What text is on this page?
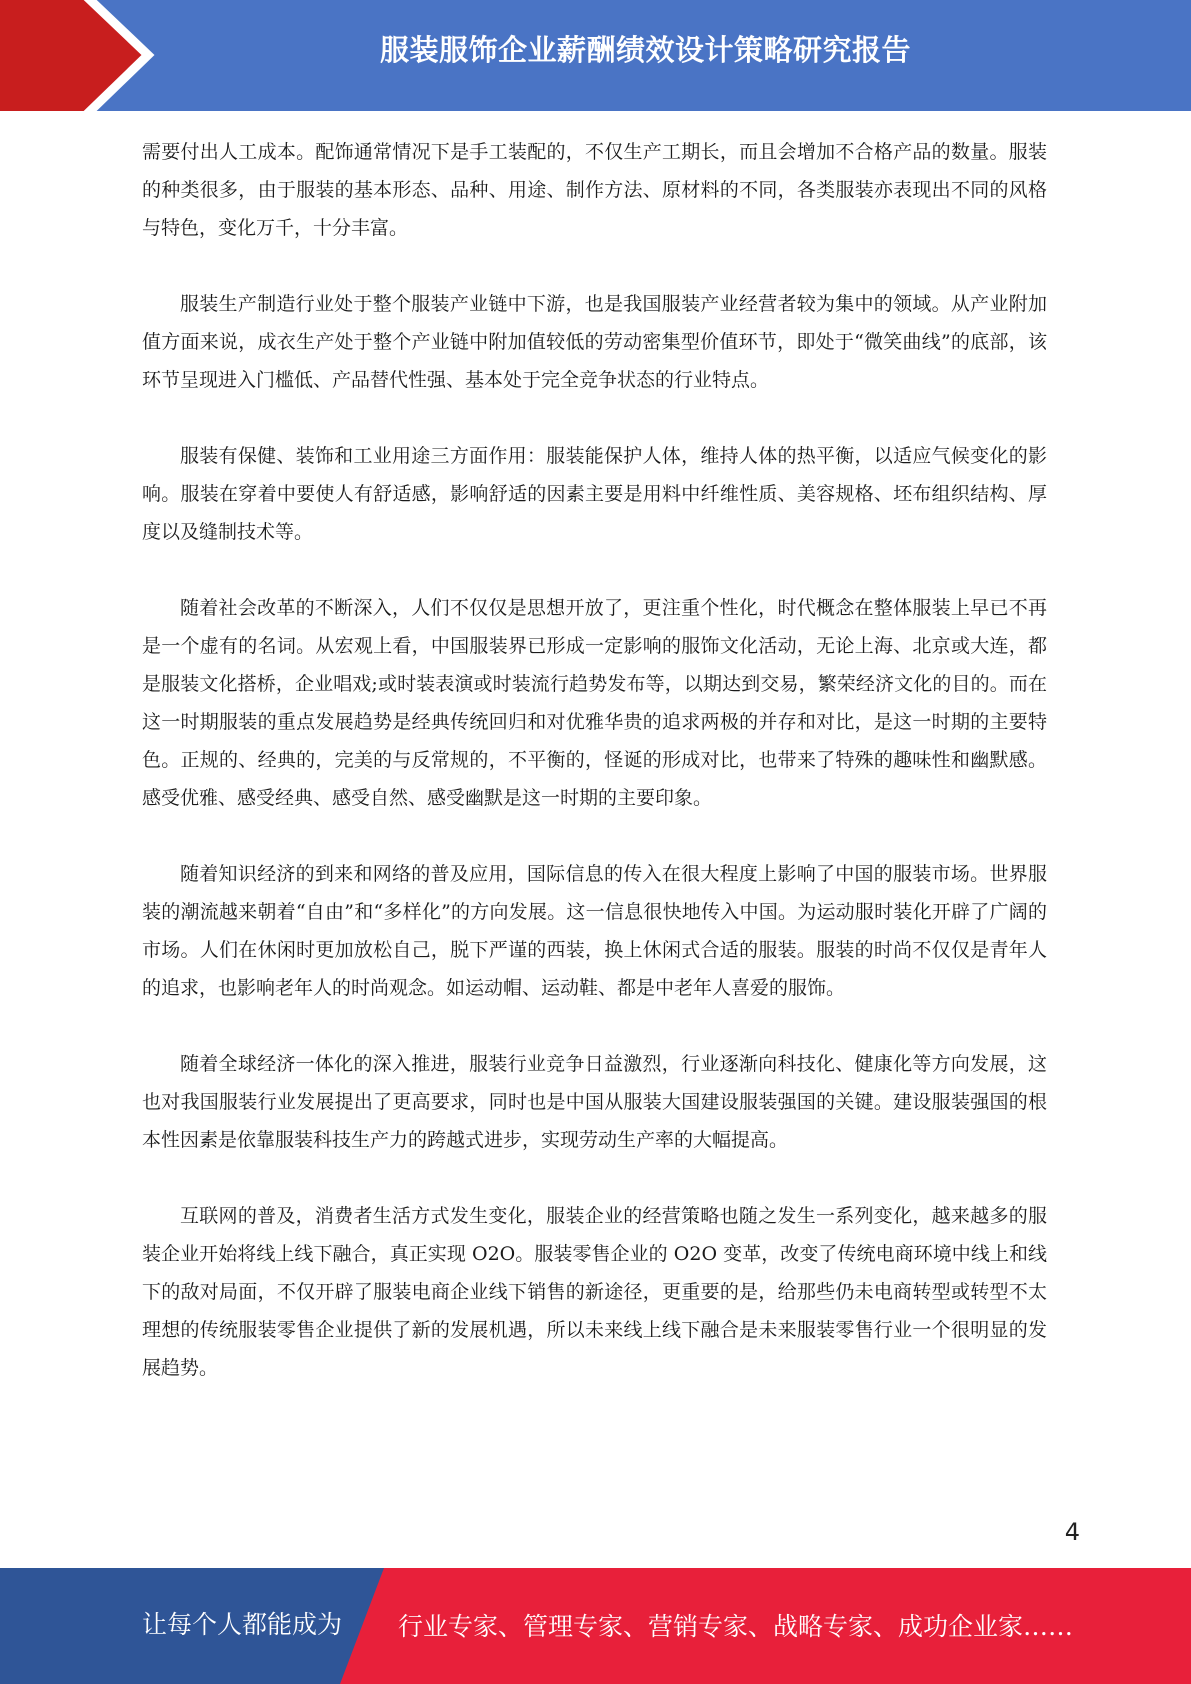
服装服饰企业薪酬绩效设计策略研究报告

需要付出人工成本。配饰通常情况下是手工装配的，不仅生产工期长，而且会增加不合格产品的数量。服装的种类很多，由于服装的基本形态、品种、用途、制作方法、原材料的不同，各类服装亦表现出不同的风格与特色，变化万千，十分丰富。

服装生产制造行业处于整个服装产业链中下游，也是我国服装产业经营者较为集中的领域。从产业附加值方面来说，成衣生产处于整个产业链中附加值较低的劳动密集型价值环节，即处于“微笑曲线”的底部，该环节呈现进入门槛低、产品替代性强、基本处于完全竞争状态的行业特点。

服装有保健、装饰和工业用途三方面作用：服装能保护人体，维持人体的热平衡，以适应气候变化的影响。服装在穿着中要使人有舒适感，影响舒适的因素主要是用料中纤维性质、美容规格、坯布组织结构、厚度以及缝制技术等。

随着社会改革的不断深入，人们不仅仅是思想开放了，更注重个性化，时代概念在整体服装上早已不再是一个虚有的名词。从宏观上看，中国服装界已形成一定影响的服饰文化活动，无论上海、北京或大连，都是服装文化搭桥，企业唱戏;或时装表演或时装流行趋势发布等，以期达到交易，繁荣经济文化的目的。而在这一时期服装的重点发展趋势是经典传统回归和对优雅华贵的追求两极的并存和对比，是这一时期的主要特色。正规的、经典的，完美的与反常规的，不平衡的，怪诞的形成对比，也带来了特殊的趣味性和幽默感。感受优雅、感受经典、感受自然、感受幽默是这一时期的主要印象。

随着知识经济的到来和网络的普及应用，国际信息的传入在很大程度上影响了中国的服装市场。世界服装的潮流越来朝着“自由”和“多样化”的方向发展。这一信息很快地传入中国。为运动服时装化开辟了广阔的市场。人们在休闲时更加放松自己，脱下严谨的西装，换上休闲式合适的服装。服装的时尚不仅仅是青年人的追求，也影响老年人的时尚观念。如运动帽、运动鞋、都是中老年人喜爱的服饰。

随着全球经济一体化的深入推进，服装行业竞争日益激烈，行业逐渐向科技化、健康化等方向发展，这也对我国服装行业发展提出了更高要求，同时也是中国从服装大国建设服装强国的关键。建设服装强国的根本性因素是依靠服装科技生产力的跨越式进步，实现劳动生产率的大幅提高。

互联网的普及，消费者生活方式发生变化，服装企业的经营策略也随之发生一系列变化，越来越多的服装企业开始将线上线下融合，真正实现 O2O。服装零售企业的 O2O 变革，改变了传统电商环境中线上和线下的敌对局面，不仅开辟了服装电商企业线下销售的新途径，更重要的是，给那些仍未电商转型或转型不太理想的传统服装零售企业提供了新的发展机遇，所以未来线上线下融合是未来服装零售行业一个很明显的发展趋势。

4
让每个人都能成为 行业专家、管理专家、营销专家、战略专家、成功企业家……
